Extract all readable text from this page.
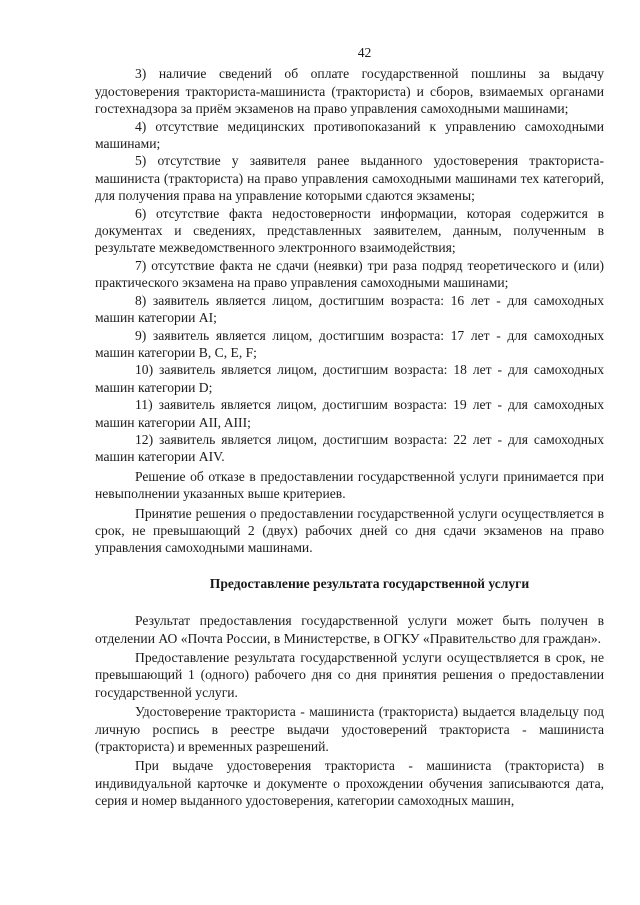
42

3) наличие сведений об оплате государственной пошлины за выдачу удостоверения тракториста-машиниста (тракториста) и сборов, взимаемых органами гостехнадзора за приём экзаменов на право управления самоходными машинами;

4) отсутствие медицинских противопоказаний к управлению самоходными машинами;

5) отсутствие у заявителя ранее выданного удостоверения тракториста-машиниста (тракториста) на право управления самоходными машинами тех категорий, для получения права на управление которыми сдаются экзамены;

6) отсутствие факта недостоверности информации, которая содержится в документах и сведениях, представленных заявителем, данным, полученным в результате межведомственного электронного взаимодействия;

7) отсутствие факта не сдачи (неявки) три раза подряд теоретического и (или) практического экзамена на право управления самоходными машинами;

8) заявитель является лицом, достигшим возраста: 16 лет - для самоходных машин категории AI;

9) заявитель является лицом, достигшим возраста: 17 лет - для самоходных машин категории B, C, E, F;

10) заявитель является лицом, достигшим возраста: 18 лет - для самоходных машин категории D;

11) заявитель является лицом, достигшим возраста: 19 лет - для самоходных машин категории AII, AIII;

12) заявитель является лицом, достигшим возраста: 22 лет - для самоходных машин категории AIV.

Решение об отказе в предоставлении государственной услуги принимается при невыполнении указанных выше критериев.

Принятие решения о предоставлении государственной услуги осуществляется в срок, не превышающий 2 (двух) рабочих дней со дня сдачи экзаменов на право управления самоходными машинами.

Предоставление результата государственной услуги

Результат предоставления государственной услуги может быть получен в отделении АО «Почта России, в Министерстве, в ОГКУ «Правительство для граждан».

Предоставление результата государственной услуги осуществляется в срок, не превышающий 1 (одного) рабочего дня со дня принятия решения о предоставлении государственной услуги.

Удостоверение тракториста - машиниста (тракториста) выдается владельцу под личную роспись в реестре выдачи удостоверений тракториста - машиниста (тракториста) и временных разрешений.

При выдаче удостоверения тракториста - машиниста (тракториста) в индивидуальной карточке и документе о прохождении обучения записываются дата, серия и номер выданного удостоверения, категории самоходных машин,
